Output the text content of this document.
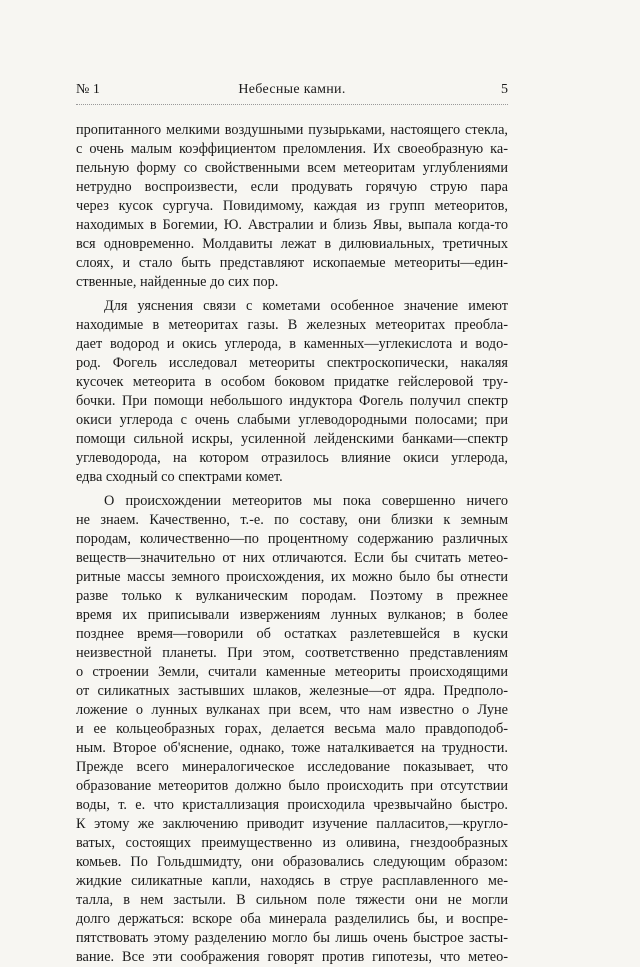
№ 1	Небесные камни.	5
пропитанного мелкими воздушными пузырьками, настоящего стекла,
с очень малым коэффициентом преломления. Их своеобразную ка-
пельную форму со свойственными всем метеоритам углублениями
нетрудно воспроизвести, если продувать горячую струю пара
через кусок сургуча. Повидимому, каждая из групп метеоритов,
находимых в Богемии, Ю. Австралии и близь Явы, выпала когда-то
вся одновременно. Молдавиты лежат в дилювиальных, третичных
слоях, и стало быть представляют ископаемые метеориты—един-
ственные, найденные до сих пор.
Для уяснения связи с кометами особенное значение имеют
находимые в метеоритах газы. В железных метеоритах преобла-
дает водород и окись углерода, в каменных—углекислота и водо-
род. Фогель исследовал метеориты спектроскопически, накаляя
кусочек метеорита в особом боковом придатке гейслеровой тру-
бочки. При помощи небольшого индуктора Фогель получил спектр
окиси углерода с очень слабыми углеводородными полосами; при
помощи сильной искры, усиленной лейденскими банками—спектр
углеводорода, на котором отразилось влияние окиси углерода,
едва сходный со спектрами комет.
О происхождении метеоритов мы пока совершенно ничего
не знаем. Качественно, т.-е. по составу, они близки к земным
породам, количественно—по процентному содержанию различных
веществ—значительно от них отличаются. Если бы считать метео-
ритные массы земного происхождения, их можно было бы отнести
разве только к вулканическим породам. Поэтому в прежнее
время их приписывали извержениям лунных вулканов; в более
позднее время—говорили об остатках разлетевшейся в куски
неизвестной планеты. При этом, соответственно представлениям
о строении Земли, считали каменные метеориты происходящими
от силикатных застывших шлаков, железные—от ядра. Предполо-
ложение о лунных вулканах при всем, что нам известно о Луне
и ее кольцеобразных горах, делается весьма мало правдоподоб-
ным. Второе об'яснение, однако, тоже наталкивается на трудности.
Прежде всего минералогическое исследование показывает, что
образование метеоритов должно было происходить при отсутствии
воды, т. е. что кристаллизация происходила чрезвычайно быстро.
К этому же заключению приводит изучение палласитов,—кругло-
ватых, состоящих преимущественно из оливина, гнездообразных
комьев. По Гольдшмидту, они образовались следующим образом:
жидкие силикатные капли, находясь в струе расплавленного ме-
талла, в нем застыли. В сильном поле тяжести они не могли
долго держаться: вскоре оба минерала разделились бы, и воспре-
пятствовать этому разделению могло бы лишь очень быстрое засты-
вание. Все эти соображения говорят против гипотезы, что метео-
